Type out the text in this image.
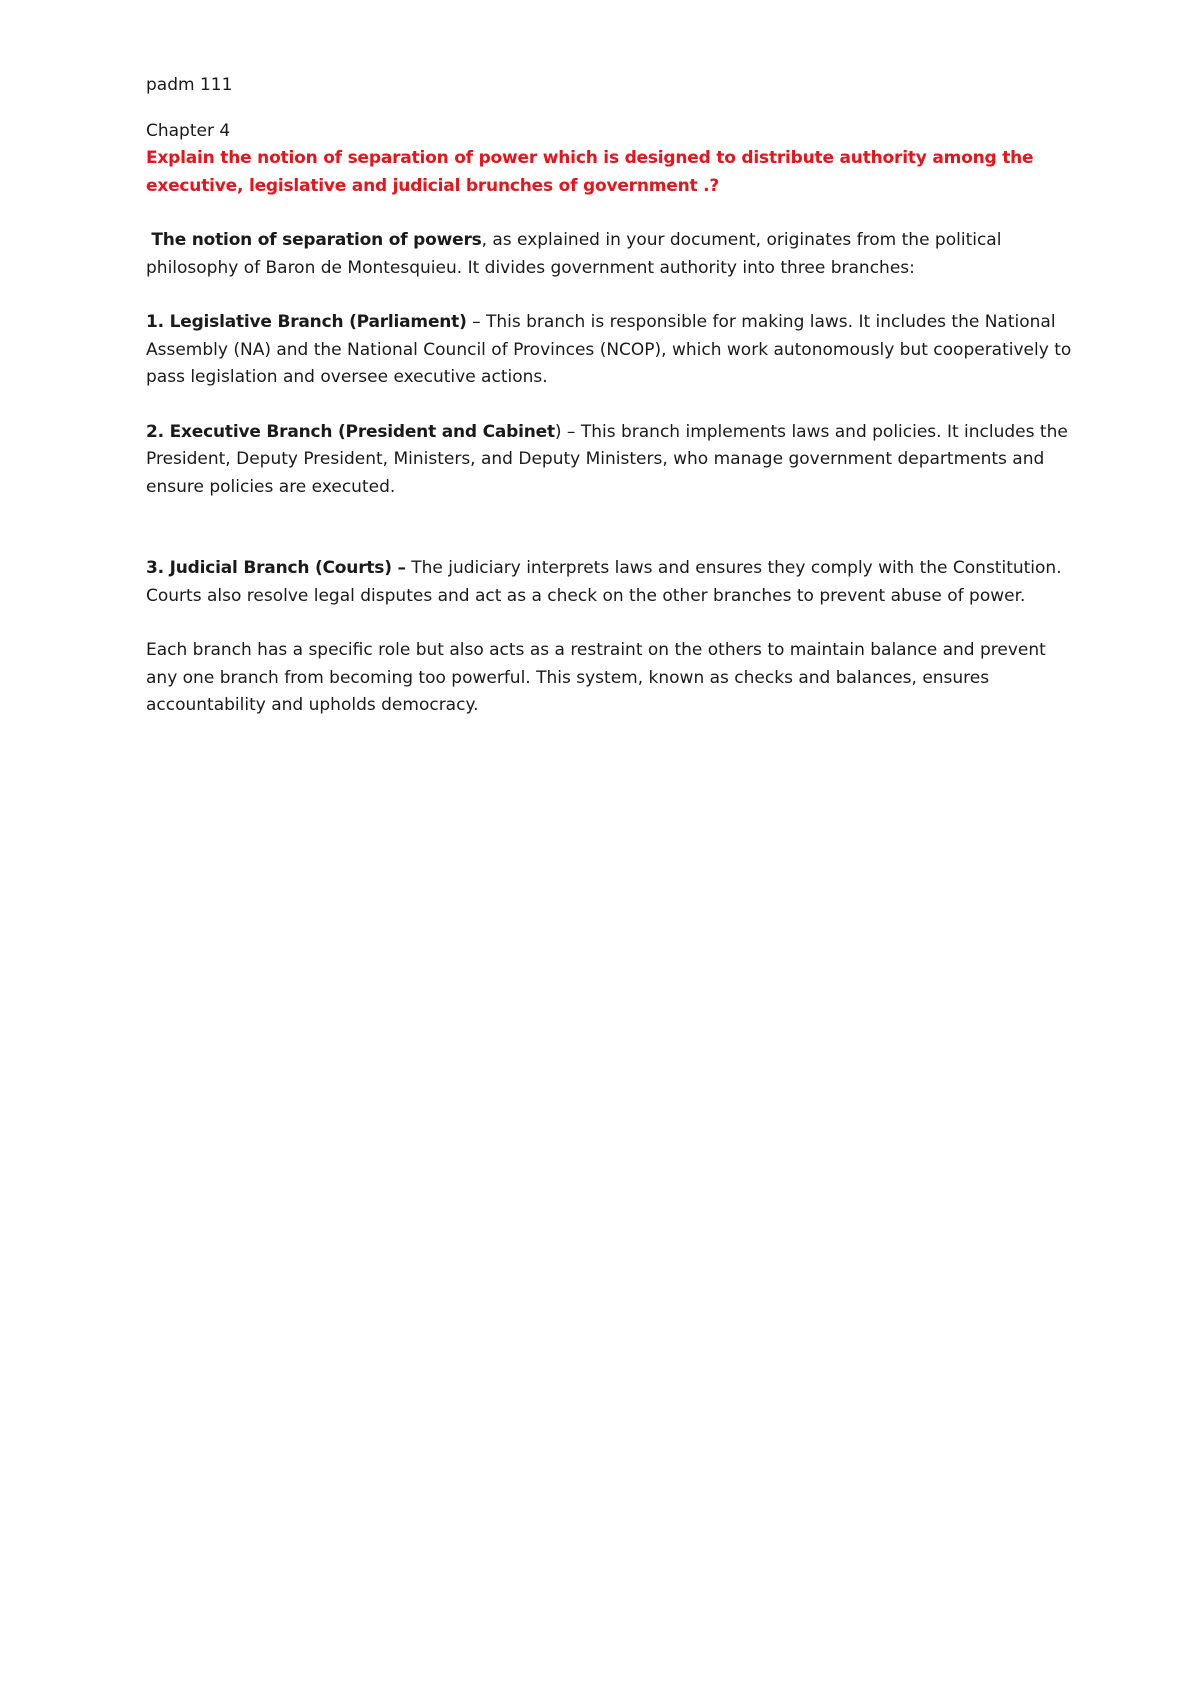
padm 111

Chapter 4

Explain the notion of separation of power which is designed to distribute authority among the executive, legislative and judicial brunches of government .?

The notion of separation of powers, as explained in your document, originates from the political philosophy of Baron de Montesquieu. It divides government authority into three branches:

1. Legislative Branch (Parliament) – This branch is responsible for making laws. It includes the National Assembly (NA) and the National Council of Provinces (NCOP), which work autonomously but cooperatively to pass legislation and oversee executive actions.

2. Executive Branch (President and Cabinet) – This branch implements laws and policies. It includes the President, Deputy President, Ministers, and Deputy Ministers, who manage government departments and ensure policies are executed.

3. Judicial Branch (Courts) – The judiciary interprets laws and ensures they comply with the Constitution. Courts also resolve legal disputes and act as a check on the other branches to prevent abuse of power.

Each branch has a specific role but also acts as a restraint on the others to maintain balance and prevent any one branch from becoming too powerful. This system, known as checks and balances, ensures accountability and upholds democracy.
